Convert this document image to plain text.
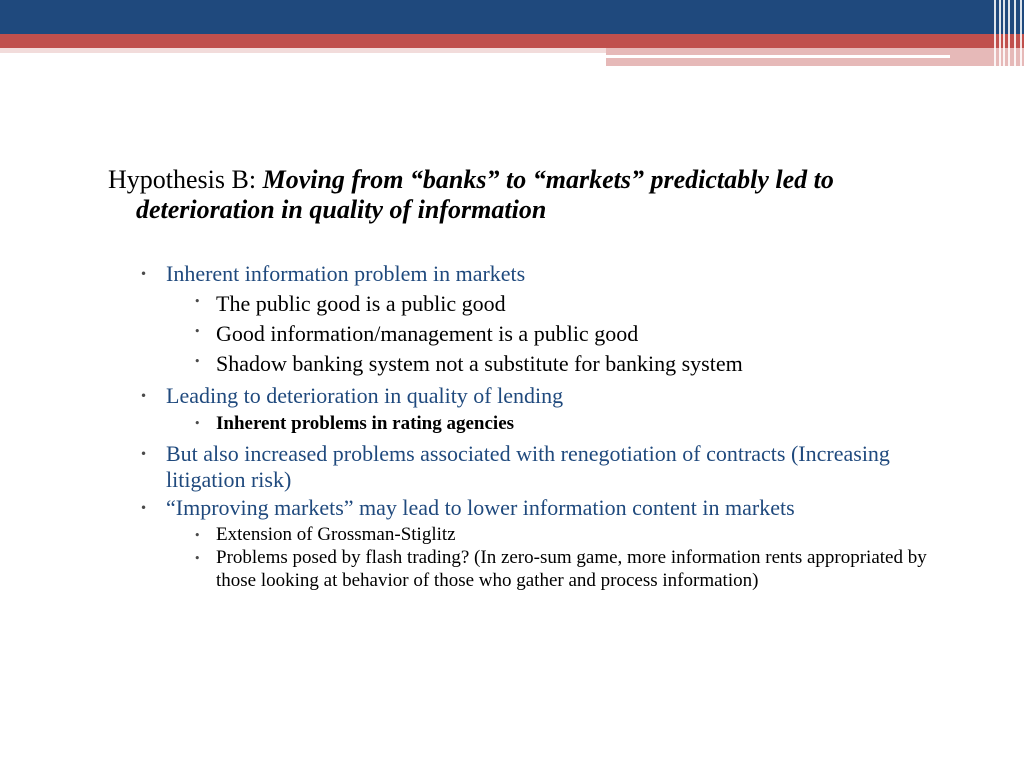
Hypothesis B: Moving from “banks” to “markets” predictably led to deterioration in quality of information

• Inherent information problem in markets
• The public good is a public good
• Good information/management is a public good
• Shadow banking system not a substitute for banking system
• Leading to deterioration in quality of lending
• Inherent problems in rating agencies
• But also increased problems associated with renegotiation of contracts (Increasing litigation risk)
• “Improving markets” may lead to lower information content in markets
• Extension of Grossman-Stiglitz
• Problems posed by flash trading? (In zero-sum game, more information rents appropriated by those looking at behavior of those who gather and process information)
